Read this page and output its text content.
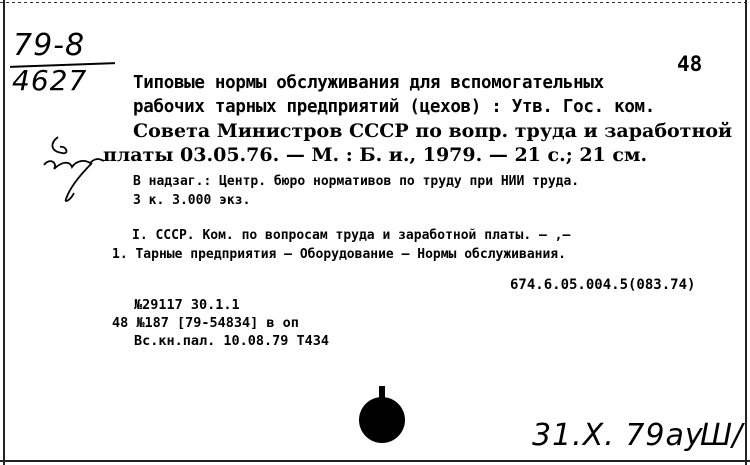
79-8
4627	48
Типовые нормы обслуживания для вспомогательных
рабочих тарных предприятий (цехов) : Утв. Гос. ком.
Совета Министров СССР по вопр. труда и заработной
платы 03.05.76. — М. : Б. и., 1979. — 21 с.; 21 см.
В надзаг.: Центр. бюро нормативов по труду при НИИ труда.
3 к. 3.000 экз.
I. СССР. Ком. по вопросам труда и заработной платы. — ,—
1. Тарные предприятия — Оборудование — Нормы обслуживания.
674.6.05.004.5(083.74)
№29117 30.1.1
48 №187 [79-54834] в оп
Вс.кн.пал. 10.08.79 Т434
31.X. 79ay
Ш/
